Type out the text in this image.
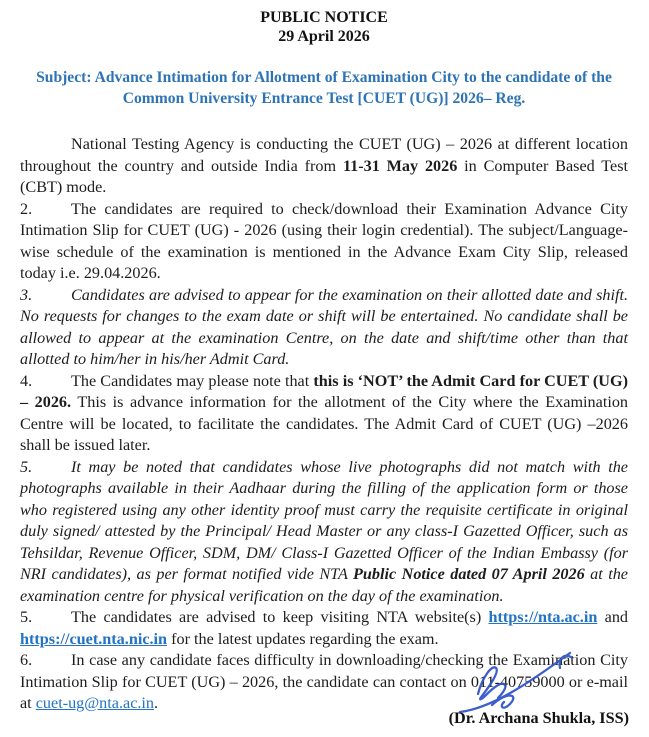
PUBLIC NOTICE
29 April 2026
Subject: Advance Intimation for Allotment of Examination City to the candidate of the
Common University Entrance Test [CUET (UG)] 2026– Reg.

National Testing Agency is conducting the CUET (UG) – 2026 at different location throughout the country and outside India from 11-31 May 2026 in Computer Based Test (CBT) mode.

2. The candidates are required to check/download their Examination Advance City Intimation Slip for CUET (UG) - 2026 (using their login credential). The subject/Language-wise schedule of the examination is mentioned in the Advance Exam City Slip, released today i.e. 29.04.2026.

3. Candidates are advised to appear for the examination on their allotted date and shift. No requests for changes to the exam date or shift will be entertained. No candidate shall be allowed to appear at the examination Centre, on the date and shift/time other than that allotted to him/her in his/her Admit Card.

4. The Candidates may please note that this is ‘NOT’ the Admit Card for CUET (UG) – 2026. This is advance information for the allotment of the City where the Examination Centre will be located, to facilitate the candidates. The Admit Card of CUET (UG) –2026 shall be issued later.

5. It may be noted that candidates whose live photographs did not match with the photographs available in their Aadhaar during the filling of the application form or those who registered using any other identity proof must carry the requisite certificate in original duly signed/ attested by the Principal/ Head Master or any class-I Gazetted Officer, such as Tehsildar, Revenue Officer, SDM, DM/ Class-I Gazetted Officer of the Indian Embassy (for NRI candidates), as per format notified vide NTA Public Notice dated 07 April 2026 at the examination centre for physical verification on the day of the examination.

5. The candidates are advised to keep visiting NTA website(s) https://nta.ac.in and https://cuet.nta.nic.in for the latest updates regarding the exam.

6. In case any candidate faces difficulty in downloading/checking the Examination City Intimation Slip for CUET (UG) – 2026, the candidate can contact on 011-40759000 or e-mail at cuet-ug@nta.ac.in.

(Dr. Archana Shukla, ISS)
